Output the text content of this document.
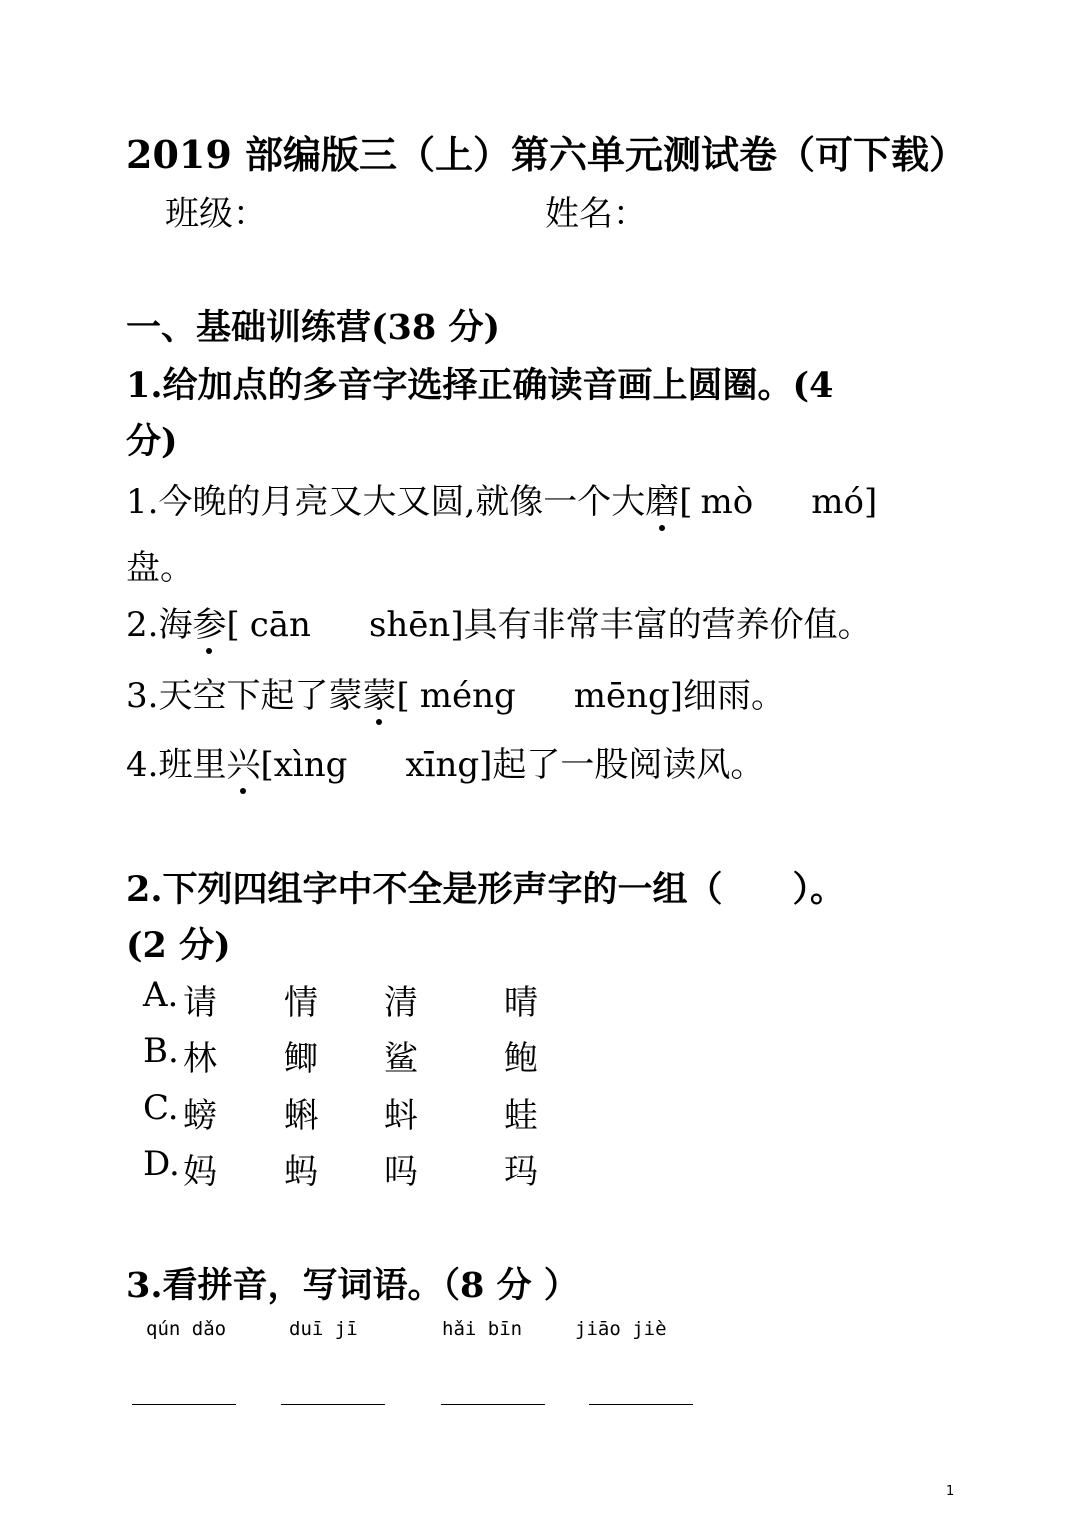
2019 部编版三（上）第六单元测试卷（可下载）
班级：	姓名：
一、基础训练营(38 分)
1.给加点的多音字选择正确读音画上圆圈。(4
分)
1.今晚的月亮又大又圆,就像一个大磨[ mò mó]
盘。
2.海参[ cān shēn]具有非常丰富的营养价值。
3.天空下起了蒙蒙[ méng mēng]细雨。
4.班里兴[xìng xīng]起了一股阅读风。
2.下列四组字中不全是形声字的一组（ ）。
(2 分)
A. 请 情 清	晴
B. 林 鲫 鲨	鲍
C. 螃 蝌 蚪	蛙
D. 妈 蚂 吗	玛
3.看拼音，写词语。（8 分 ）
qún dǎo	duī jī	hǎi bīn	jiāo jiè
1
